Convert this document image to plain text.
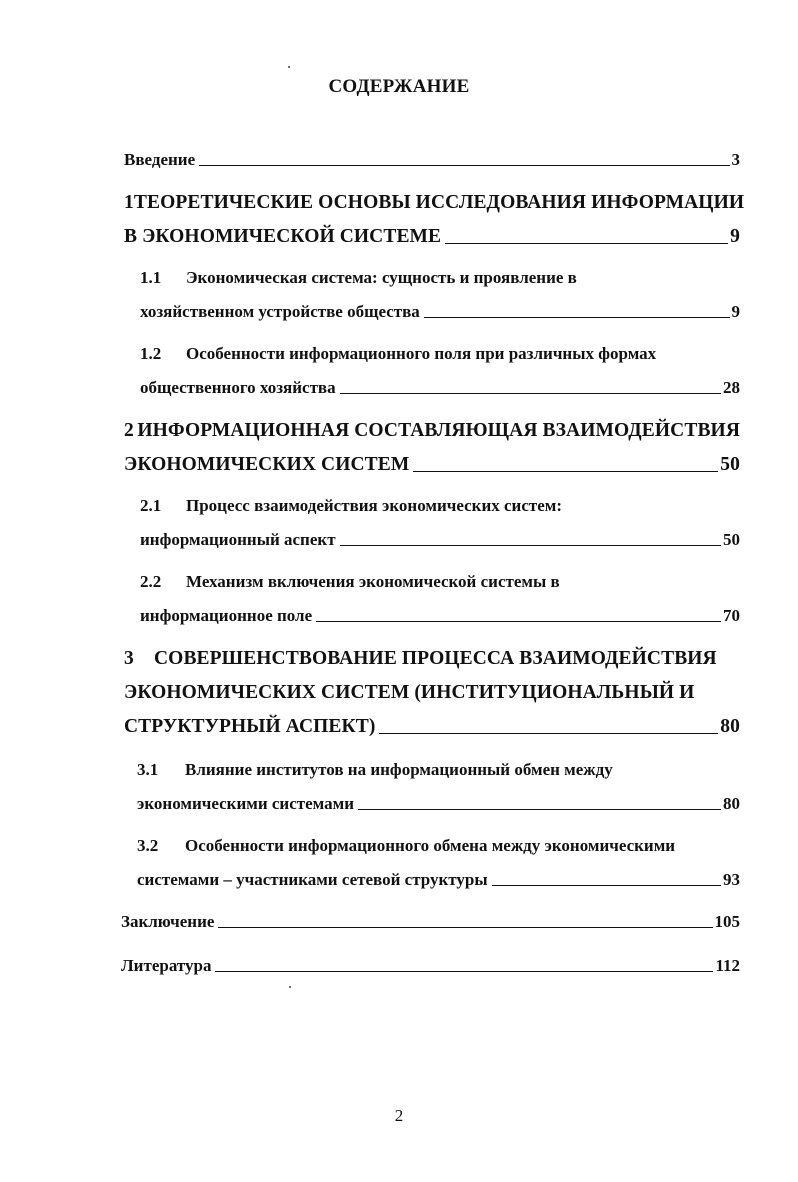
СОДЕРЖАНИЕ
Введение	3
1 ТЕОРЕТИЧЕСКИЕ ОСНОВЫ ИССЛЕДОВАНИЯ ИНФОРМАЦИИ
В ЭКОНОМИЧЕСКОЙ СИСТЕМЕ	9
1.1	Экономическая система: сущность и проявление в
хозяйственном устройстве общества	9
1.2	Особенности информационного поля при различных формах
общественного хозяйства	28
2 ИНФОРМАЦИОННАЯ СОСТАВЛЯЮЩАЯ ВЗАИМОДЕЙСТВИЯ
ЭКОНОМИЧЕСКИХ СИСТЕМ	50
2.1	Процесс взаимодействия экономических систем:
информационный аспект	50
2.2	Механизм включения экономической системы в
информационное поле	70
3	СОВЕРШЕНСТВОВАНИЕ ПРОЦЕССА ВЗАИМОДЕЙСТВИЯ
ЭКОНОМИЧЕСКИХ СИСТЕМ (ИНСТИТУЦИОНАЛЬНЫЙ И
СТРУКТУРНЫЙ АСПЕКТ)	80
3.1	Влияние институтов на информационный обмен между
экономическими системами	80
3.2	Особенности информационного обмена между экономическими
системами – участниками сетевой структуры	93
Заключение	105
Литература	112
2
